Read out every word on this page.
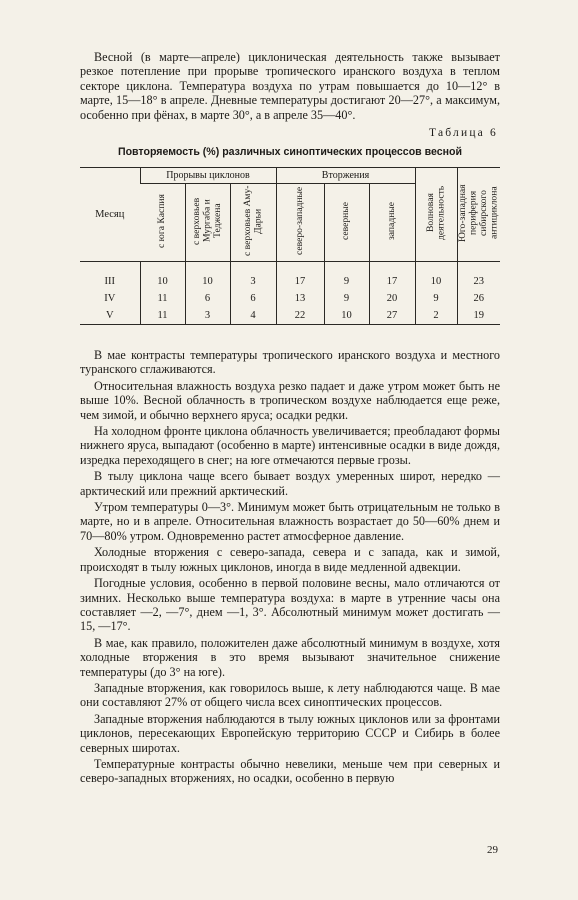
Весной (в марте—апреле) циклоническая деятельность также вызывает резкое потепление при прорыве тропического иранского воздуха в теплом секторе циклона. Температура воздуха по утрам повышается до 10—12° в марте, 15—18° в апреле. Дневные температуры достигают 20—27°, а максимум, особенно при фёнах, в марте 30°, а в апреле 35—40°.

Таблица 6
Повторяемость (%) различных синоптических процессов весной
Месяц	Прорывы циклонов			Вторжения			Волновая деятельность	Юго-западная периферия сибирского антициклона
	с юга Каспия	с верховьев Мургаба и Теджена	с верховьев Аму-Дарьи	северо-западные	северные	западные		

III	10	10	3	17	9	17	10	23
IV	11	6	6	13	9	20	9	26
V	11	3	4	22	10	27	2	19

В мае контрасты температуры тропического иранского воздуха и местного туранского сглаживаются.

Относительная влажность воздуха резко падает и даже утром может быть не выше 10%. Весной облачность в тропическом воздухе наблюдается еще реже, чем зимой, и обычно верхнего яруса; осадки редки.

На холодном фронте циклона облачность увеличивается; преобладают формы нижнего яруса, выпадают (особенно в марте) интенсивные осадки в виде дождя, изредка переходящего в снег; на юге отмечаются первые грозы.

В тылу циклона чаще всего бывает воздух умеренных широт, нередко — арктический или прежний арктический.

Утром температуры 0—3°. Минимум может быть отрицательным не только в марте, но и в апреле. Относительная влажность возрастает до 50—60% днем и 70—80% утром. Одновременно растет атмосферное давление.

Холодные вторжения с северо-запада, севера и с запада, как и зимой, происходят в тылу южных циклонов, иногда в виде медленной адвекции.

Погодные условия, особенно в первой половине весны, мало отличаются от зимних. Несколько выше температура воздуха: в марте в утренние часы она составляет —2, —7°, днем —1, 3°. Абсолютный минимум может достигать —15, —17°.

В мае, как правило, положителен даже абсолютный минимум в воздухе, хотя холодные вторжения в это время вызывают значительное снижение температуры (до 3° на юге).

Западные вторжения, как говорилось выше, к лету наблюдаются чаще. В мае они составляют 27% от общего числа всех синоптических процессов.

Западные вторжения наблюдаются в тылу южных циклонов или за фронтами циклонов, пересекающих Европейскую территорию СССР и Сибирь в более северных широтах.

Температурные контрасты обычно невелики, меньше чем при северных и северо-западных вторжениях, но осадки, особенно в первую

29
